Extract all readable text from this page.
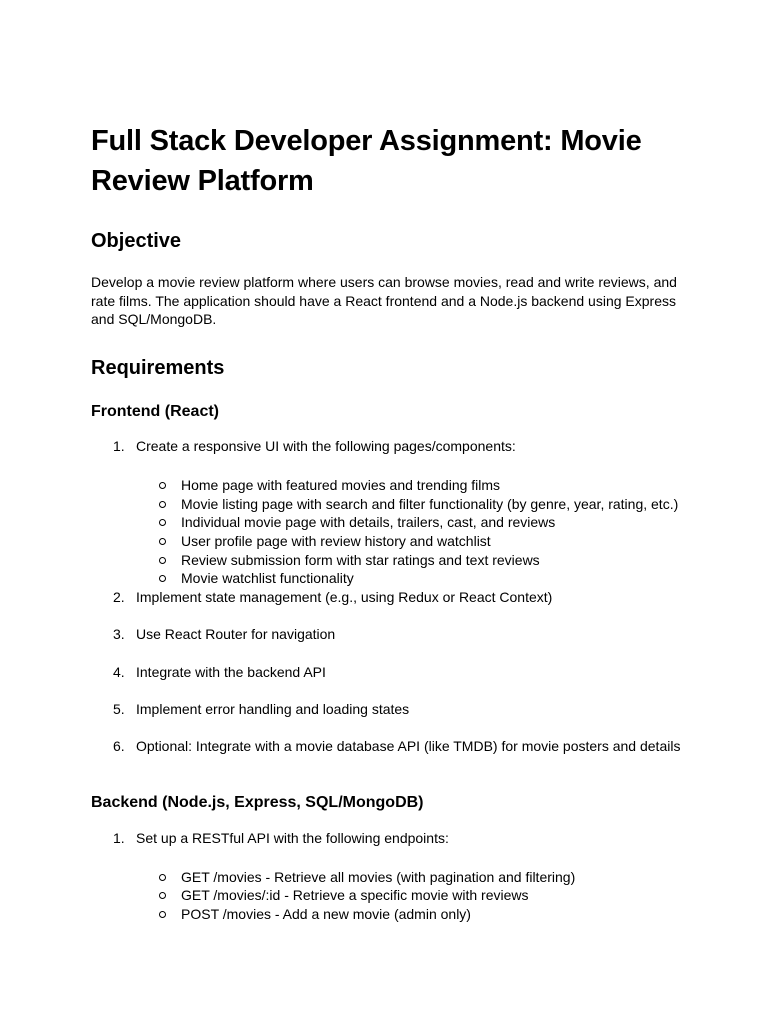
Full Stack Developer Assignment: Movie Review Platform
Objective

Develop a movie review platform where users can browse movies, read and write reviews, and rate films. The application should have a React frontend and a Node.js backend using Express and SQL/MongoDB.

Requirements
Frontend (React)
1. Create a responsive UI with the following pages/components:
Home page with featured movies and trending films
Movie listing page with search and filter functionality (by genre, year, rating, etc.)
Individual movie page with details, trailers, cast, and reviews
User profile page with review history and watchlist
Review submission form with star ratings and text reviews
Movie watchlist functionality
2. Implement state management (e.g., using Redux or React Context)
3. Use React Router for navigation
4. Integrate with the backend API
5. Implement error handling and loading states
6. Optional: Integrate with a movie database API (like TMDB) for movie posters and details
Backend (Node.js, Express, SQL/MongoDB)
1. Set up a RESTful API with the following endpoints:
GET /movies - Retrieve all movies (with pagination and filtering)
GET /movies/:id - Retrieve a specific movie with reviews
POST /movies - Add a new movie (admin only)
